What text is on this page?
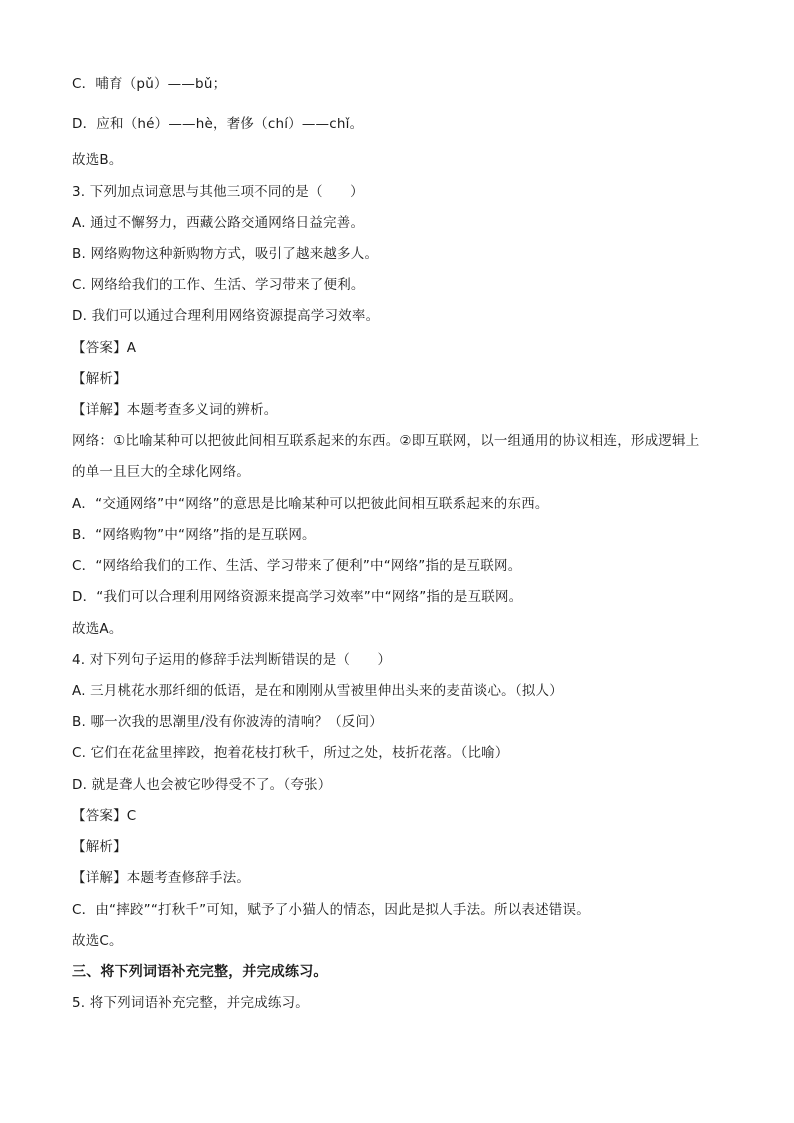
C．哺育（pǔ）——bǔ；
D．应和（hé）——hè，奢侈（chí）——chǐ。
故选B。
3. 下列加点词意思与其他三项不同的是（　　）
A. 通过不懈努力，西藏公路交通网络日益完善。
B. 网络购物这种新购物方式，吸引了越来越多人。
C. 网络给我们的工作、生活、学习带来了便利。
D. 我们可以通过合理利用网络资源提高学习效率。
【答案】A
【解析】
【详解】本题考查多义词的辨析。
网络：①比喻某种可以把彼此间相互联系起来的东西。②即互联网，以一组通用的协议相连，形成逻辑上
的单一且巨大的全球化网络。
A．“交通网络”中“网络”的意思是比喻某种可以把彼此间相互联系起来的东西。
B．“网络购物”中“网络”指的是互联网。
C．“网络给我们的工作、生活、学习带来了便利”中“网络”指的是互联网。
D．“我们可以合理利用网络资源来提高学习效率”中“网络”指的是互联网。
故选A。
4. 对下列句子运用的修辞手法判断错误的是（　　）
A. 三月桃花水那纤细的低语，是在和刚刚从雪被里伸出头来的麦苗谈心。（拟人）
B. 哪一次我的思潮里/没有你波涛的清响？（反问）
C. 它们在花盆里摔跤，抱着花枝打秋千，所过之处，枝折花落。（比喻）
D. 就是聋人也会被它吵得受不了。（夸张）
【答案】C
【解析】
【详解】本题考查修辞手法。
C．由“摔跤”“打秋千”可知，赋予了小猫人的情态，因此是拟人手法。所以表述错误。
故选C。
三、将下列词语补充完整，并完成练习。
5. 将下列词语补充完整，并完成练习。
